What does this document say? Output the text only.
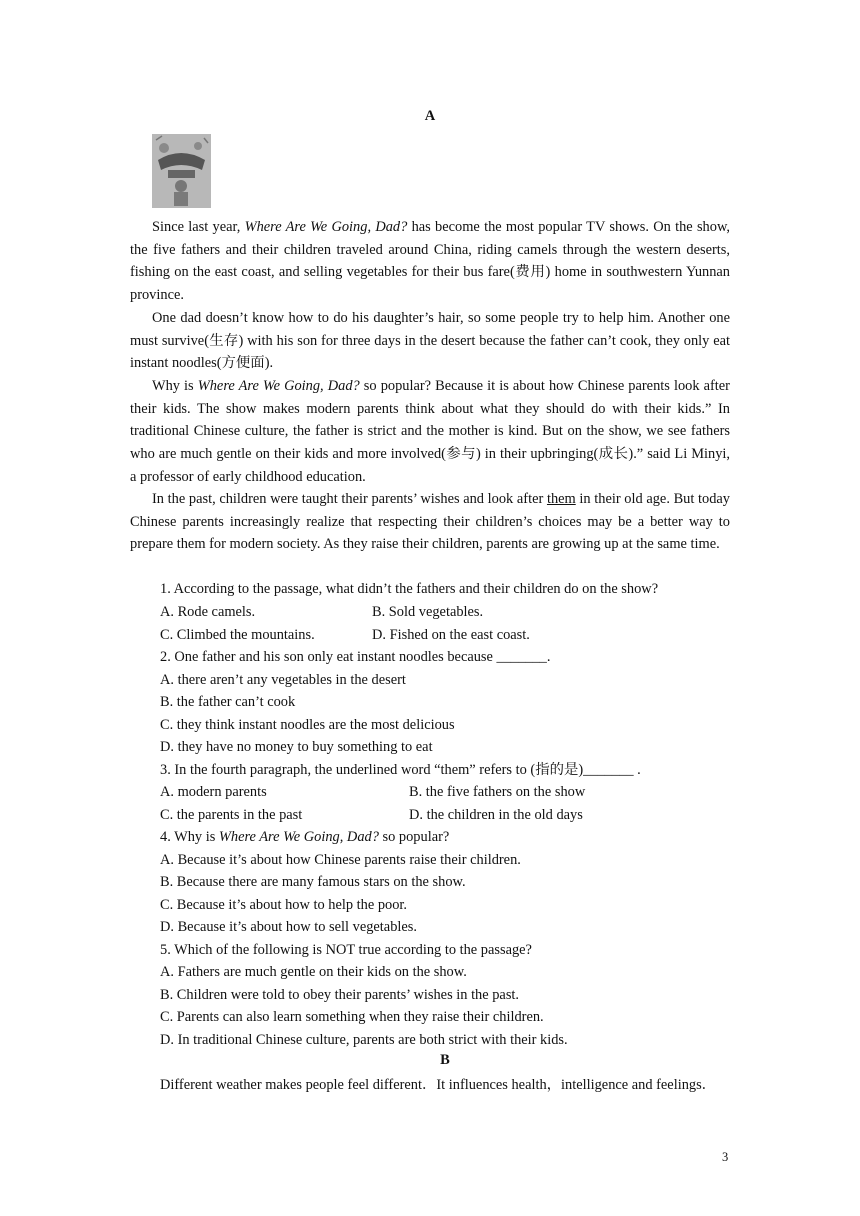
A

Since last year, Where Are We Going, Dad? has become the most popular TV shows. On the show, the five fathers and their children traveled around China, riding camels through the western deserts, fishing on the east coast, and selling vegetables for their bus fare(费用) home in southwestern Yunnan province.

One dad doesn’t know how to do his daughter’s hair, so some people try to help him. Another one must survive(生存) with his son for three days in the desert because the father can’t cook, they only eat instant noodles(方便面).

Why is Where Are We Going, Dad? so popular? Because it is about how Chinese parents look after their kids. The show makes modern parents think about what they should do with their kids.” In traditional Chinese culture, the father is strict and the mother is kind. But on the show, we see fathers who are much gentle on their kids and more involved(参与) in their upbringing(成长).” said Li Minyi, a professor of early childhood education.

In the past, children were taught their parents’ wishes and look after them in their old age. But today Chinese parents increasingly realize that respecting their children’s choices may be a better way to prepare them for modern society. As they raise their children, parents are growing up at the same time.

1. According to the passage, what didn’t the fathers and their children do on the show?
A. Rode camels.	B. Sold vegetables.
C. Climbed the mountains.	D. Fished on the east coast.
2. One father and his son only eat instant noodles because _______.
A. there aren’t any vegetables in the desert
B. the father can’t cook
C. they think instant noodles are the most delicious
D. they have no money to buy something to eat
3. In the fourth paragraph, the underlined word “them” refers to (指的是)_______ .
A. modern parents	B. the five fathers on the show
C. the parents in the past	D. the children in the old days
4. Why is Where Are We Going, Dad? so popular?
A. Because it’s about how Chinese parents raise their children.
B. Because there are many famous stars on the show.
C. Because it’s about how to help the poor.
D. Because it’s about how to sell vegetables.
5. Which of the following is NOT true according to the passage?
A. Fathers are much gentle on their kids on the show.
B. Children were told to obey their parents’ wishes in the past.
C. Parents can also learn something when they raise their children.
D. In traditional Chinese culture, parents are both strict with their kids.
B
Different weather makes people feel different．It influences health，intelligence and feelings．
3
